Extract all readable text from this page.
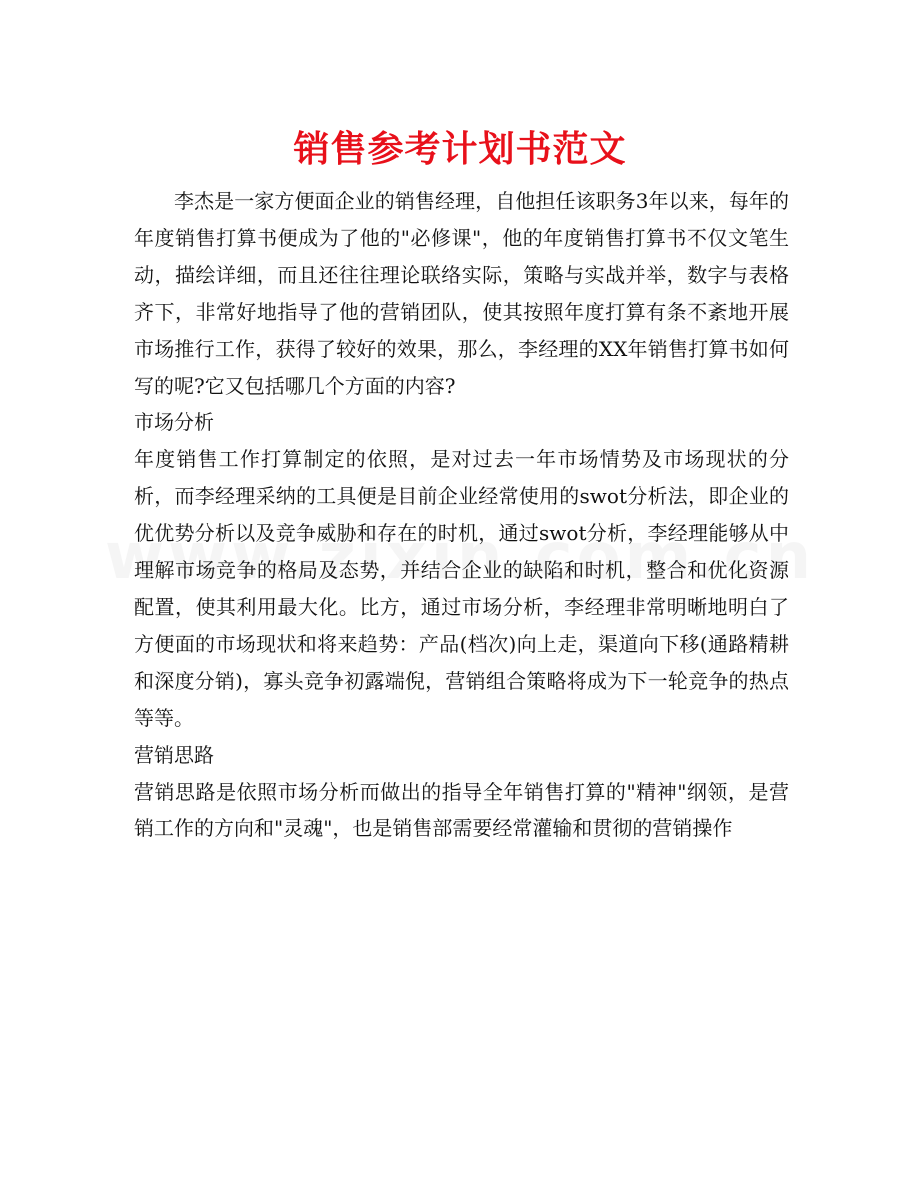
销售参考计划书范文

李杰是一家方便面企业的销售经理，自他担任该职务3年以来，每年的年度销售打算书便成为了他的"必修课"，他的年度销售打算书不仅文笔生动，描绘详细，而且还往往理论联络实际，策略与实战并举，数字与表格齐下，非常好地指导了他的营销团队，使其按照年度打算有条不紊地开展市场推行工作，获得了较好的效果，那么，李经理的XX年销售打算书如何写的呢?它又包括哪几个方面的内容?

市场分析

年度销售工作打算制定的依照，是对过去一年市场情势及市场现状的分析，而李经理采纳的工具便是目前企业经常使用的swot分析法，即企业的优优势分析以及竞争威胁和存在的时机，通过swot分析，李经理能够从中理解市场竞争的格局及态势，并结合企业的缺陷和时机，整合和优化资源配置，使其利用最大化。比方，通过市场分析，李经理非常明晰地明白了方便面的市场现状和将来趋势：产品(档次)向上走，渠道向下移(通路精耕和深度分销)，寡头竞争初露端倪，营销组合策略将成为下一轮竞争的热点等等。

营销思路

营销思路是依照市场分析而做出的指导全年销售打算的"精神"纲领，是营销工作的方向和"灵魂"，也是销售部需要经常灌输和贯彻的营销操作
